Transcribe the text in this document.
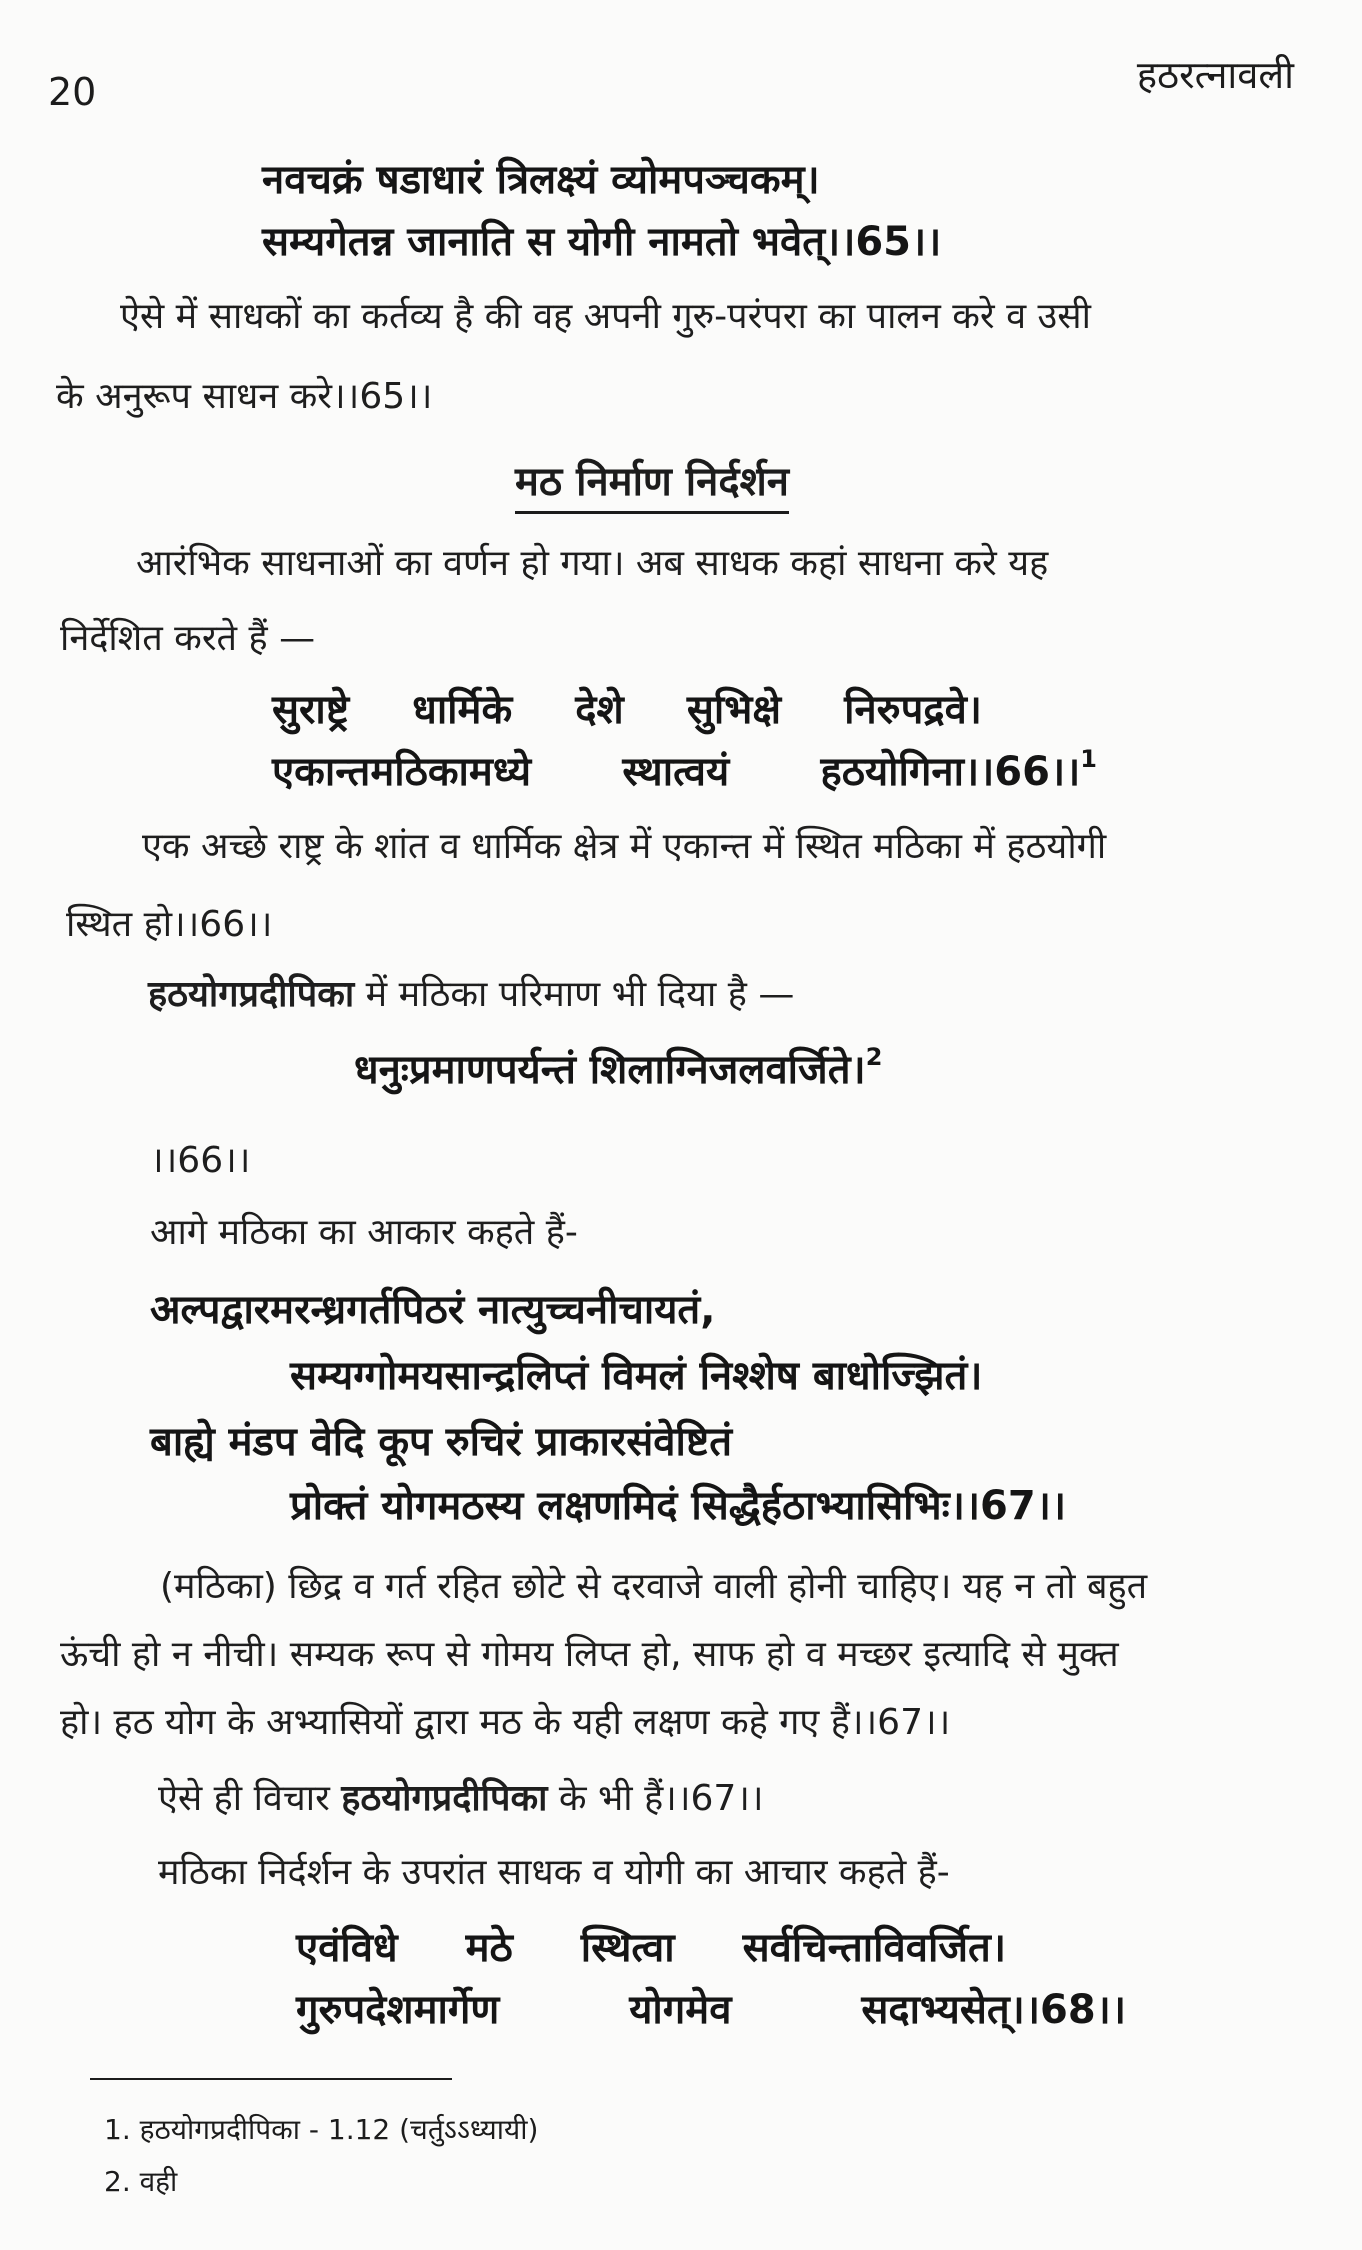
20	हठरत्नावली
नवचक्रं षडाधारं त्रिलक्ष्यं व्योमपञ्चकम्।
सम्यगेतन्न जानाति स योगी नामतो भवेत्।।65।।
ऐसे में साधकों का कर्तव्य है की वह अपनी गुरु-परंपरा का पालन करे व उसी
के अनुरूप साधन करे।।65।।
मठ निर्माण निर्दर्शन
आरंभिक साधनाओं का वर्णन हो गया। अब साधक कहां साधना करे यह
निर्देशित करते हैं —
सुराष्ट्रे धार्मिके देशे सुभिक्षे निरुपद्रवे।
एकान्तमठिकामध्ये स्थात्वयं हठयोगिना।।66।।$^1$
एक अच्छे राष्ट्र के शांत व धार्मिक क्षेत्र में एकान्त में स्थित मठिका में हठयोगी
स्थित हो।।66।।
हठयोगप्रदीपिका में मठिका परिमाण भी दिया है —
धनुःप्रमाणपर्यन्तं शिलाग्निजलवर्जिते।$^2$
।।66।।
आगे मठिका का आकार कहते हैं-
अल्पद्वारमरन्ध्रगर्तपिठरं नात्युच्चनीचायतं,
सम्यग्गोमयसान्द्रलिप्तं विमलं निश्शेष बाधोज्झितं।
बाह्ये मंडप वेदि कूप रुचिरं प्राकारसंवेष्टितं
प्रोक्तं योगमठस्य लक्षणमिदं सिद्धैर्हठाभ्यासिभिः।।67।।
(मठिका) छिद्र व गर्त रहित छोटे से दरवाजे वाली होनी चाहिए। यह न तो बहुत
ऊंची हो न नीची। सम्यक रूप से गोमय लिप्त हो, साफ हो व मच्छर इत्यादि से मुक्त
हो। हठ योग के अभ्यासियों द्वारा मठ के यही लक्षण कहे गए हैं।।67।।
ऐसे ही विचार हठयोगप्रदीपिका के भी हैं।।67।।
मठिका निर्दर्शन के उपरांत साधक व योगी का आचार कहते हैं-
एवंविधे मठे स्थित्वा सर्वचिन्ताविवर्जित।
गुरुपदेशमार्गेण	योगमेव	सदाभ्यसेत्।।68।।
1. हठयोगप्रदीपिका - 1.12 (चर्तुऽऽध्यायी)
2. वही
